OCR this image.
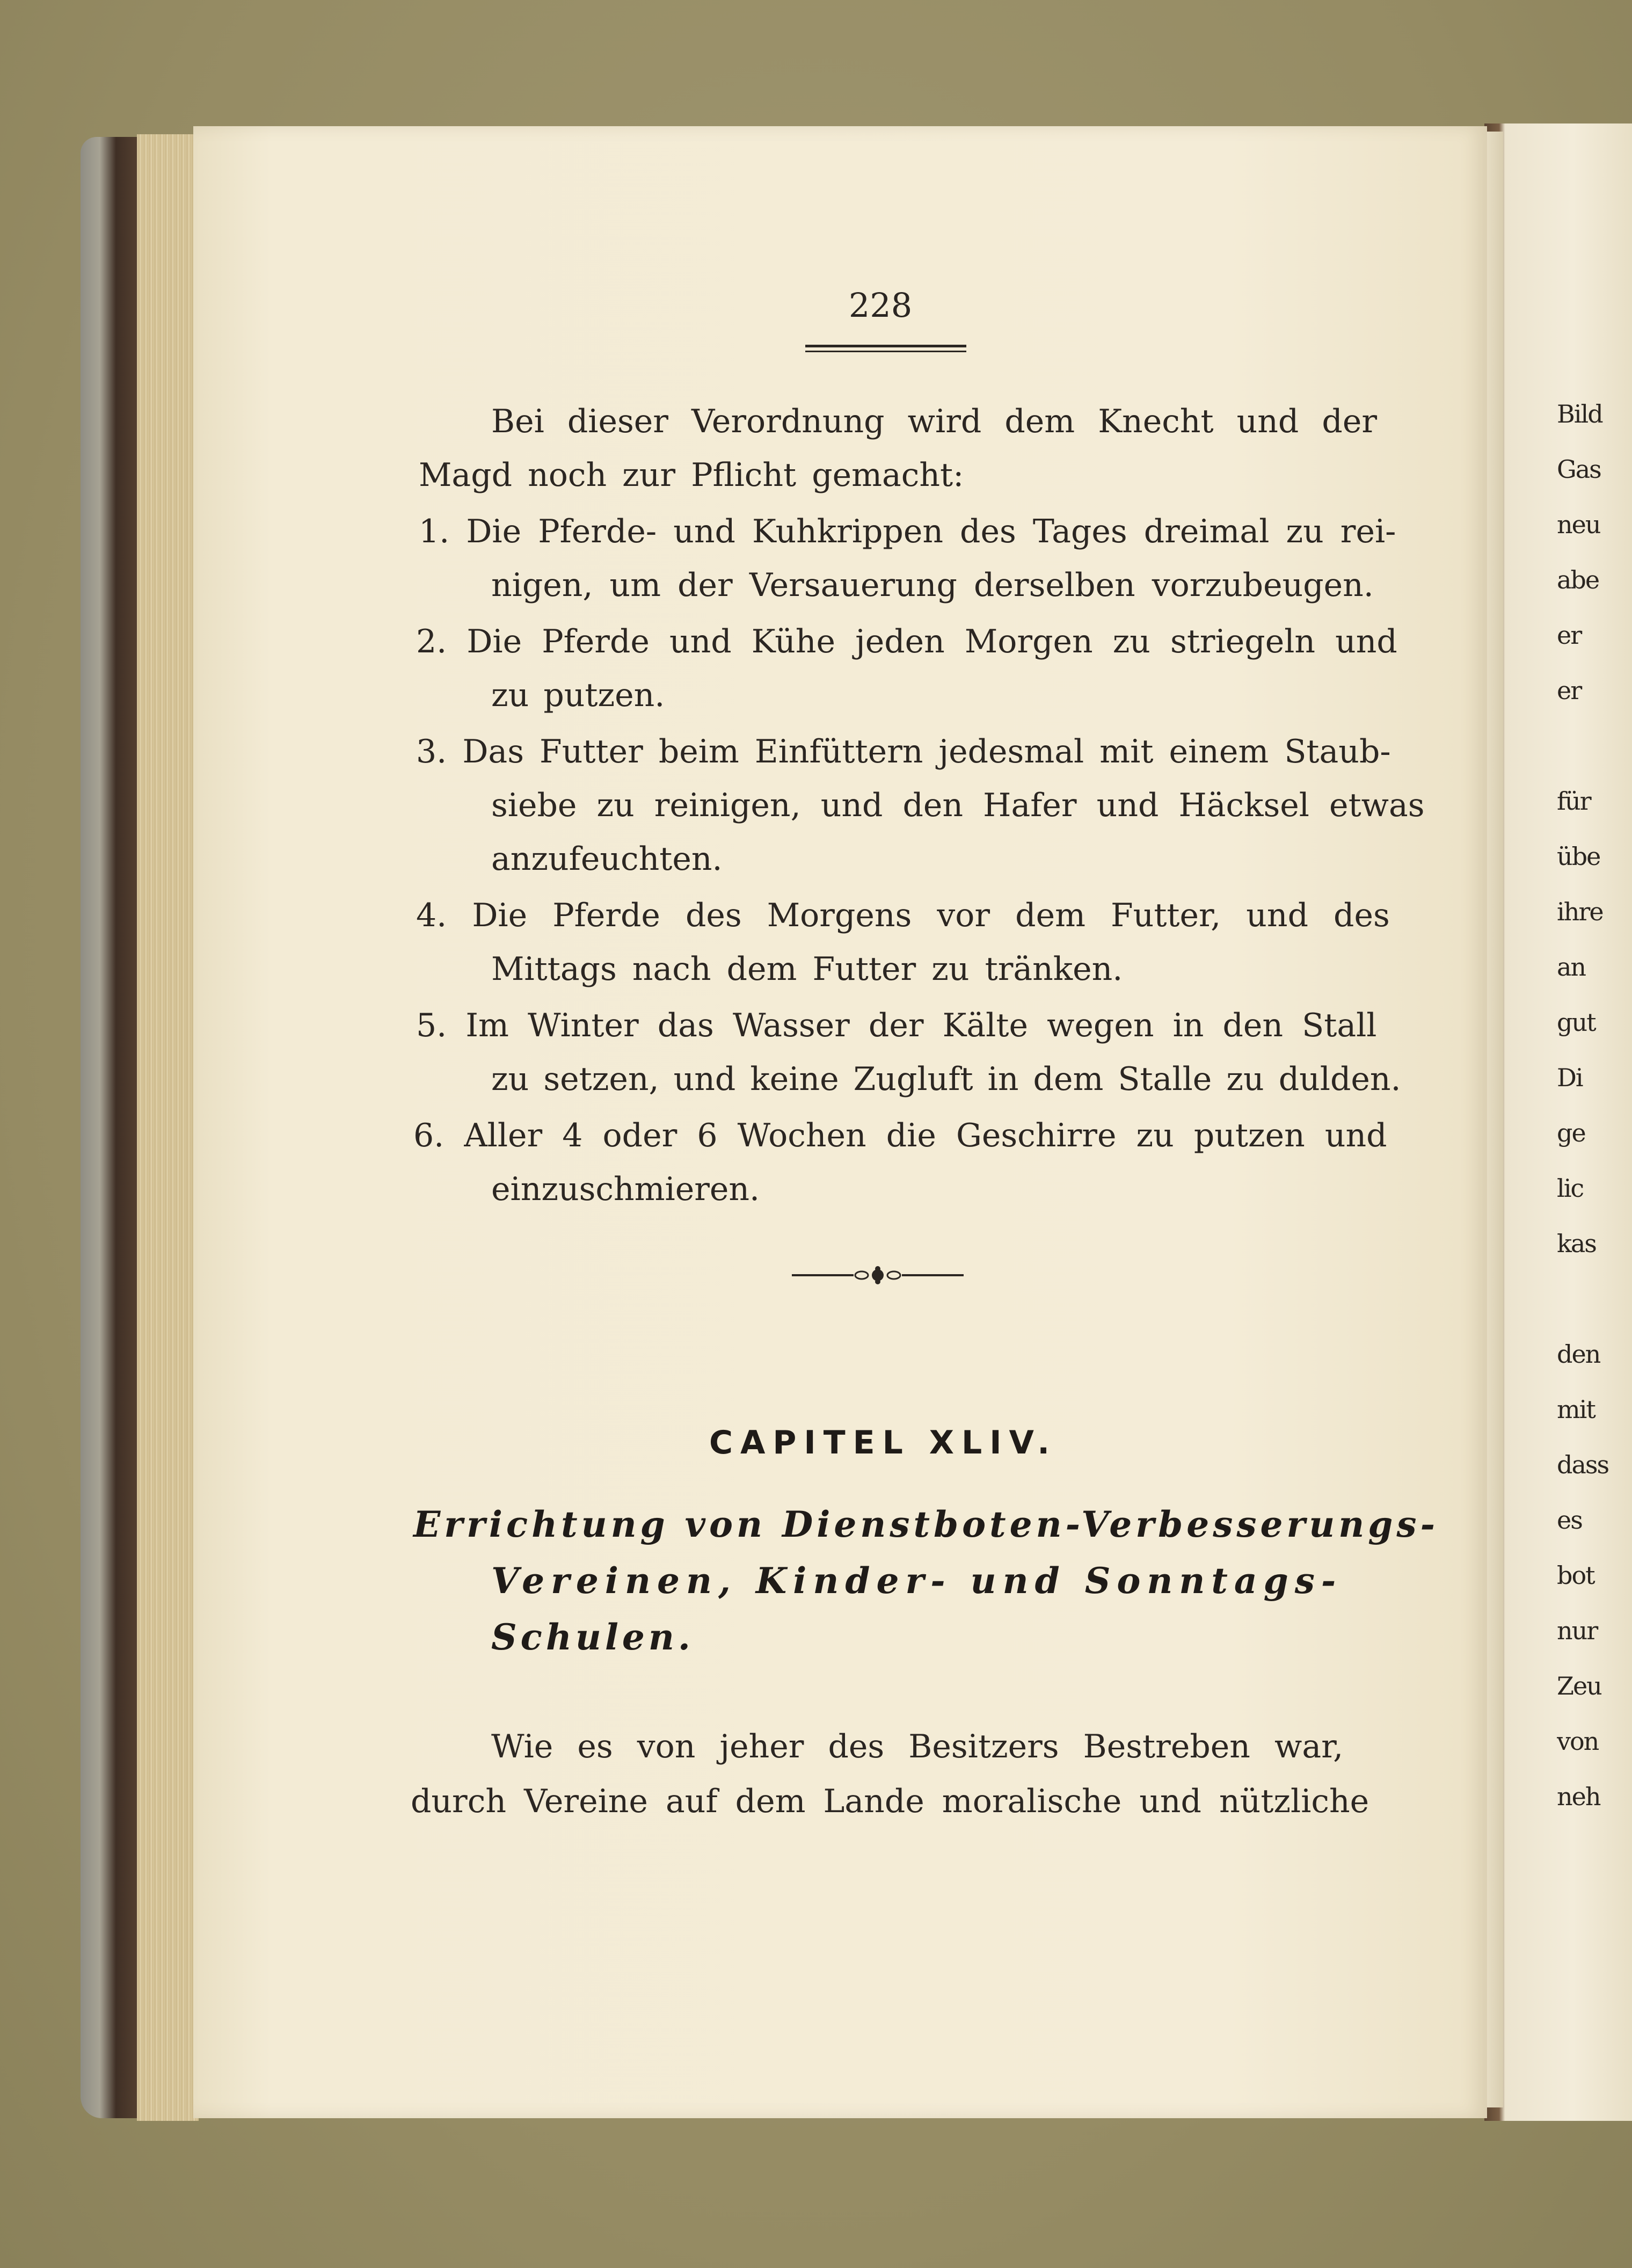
Bild
Gas
neu
abe
er
er
für
übe
ihre
an
gut
Di
ge
lic
kas
den
mit
dass
es
bot
nur
Zeu
von
neh
228
Bei dieser Verordnung wird dem Knecht und der
Magd noch zur Pflicht gemacht:
1. Die Pferde- und Kuhkrippen des Tages dreimal zu rei-
nigen, um der Versauerung derselben vorzubeugen.
2. Die Pferde und Kühe jeden Morgen zu striegeln und
zu putzen.
3. Das Futter beim Einfüttern jedesmal mit einem Staub-
siebe zu reinigen, und den Hafer und Häcksel etwas
anzufeuchten.
4. Die Pferde des Morgens vor dem Futter, und des
Mittags nach dem Futter zu tränken.
5. Im Winter das Wasser der Kälte wegen in den Stall
zu setzen, und keine Zugluft in dem Stalle zu dulden.
6. Aller 4 oder 6 Wochen die Geschirre zu putzen und
einzuschmieren.
CAPITEL XLIV.
Errichtung von Dienstboten-Verbesserungs-
Vereinen, Kinder- und Sonntags-
Schulen.
Wie es von jeher des Besitzers Bestreben war,
durch Vereine auf dem Lande moralische und nützliche
